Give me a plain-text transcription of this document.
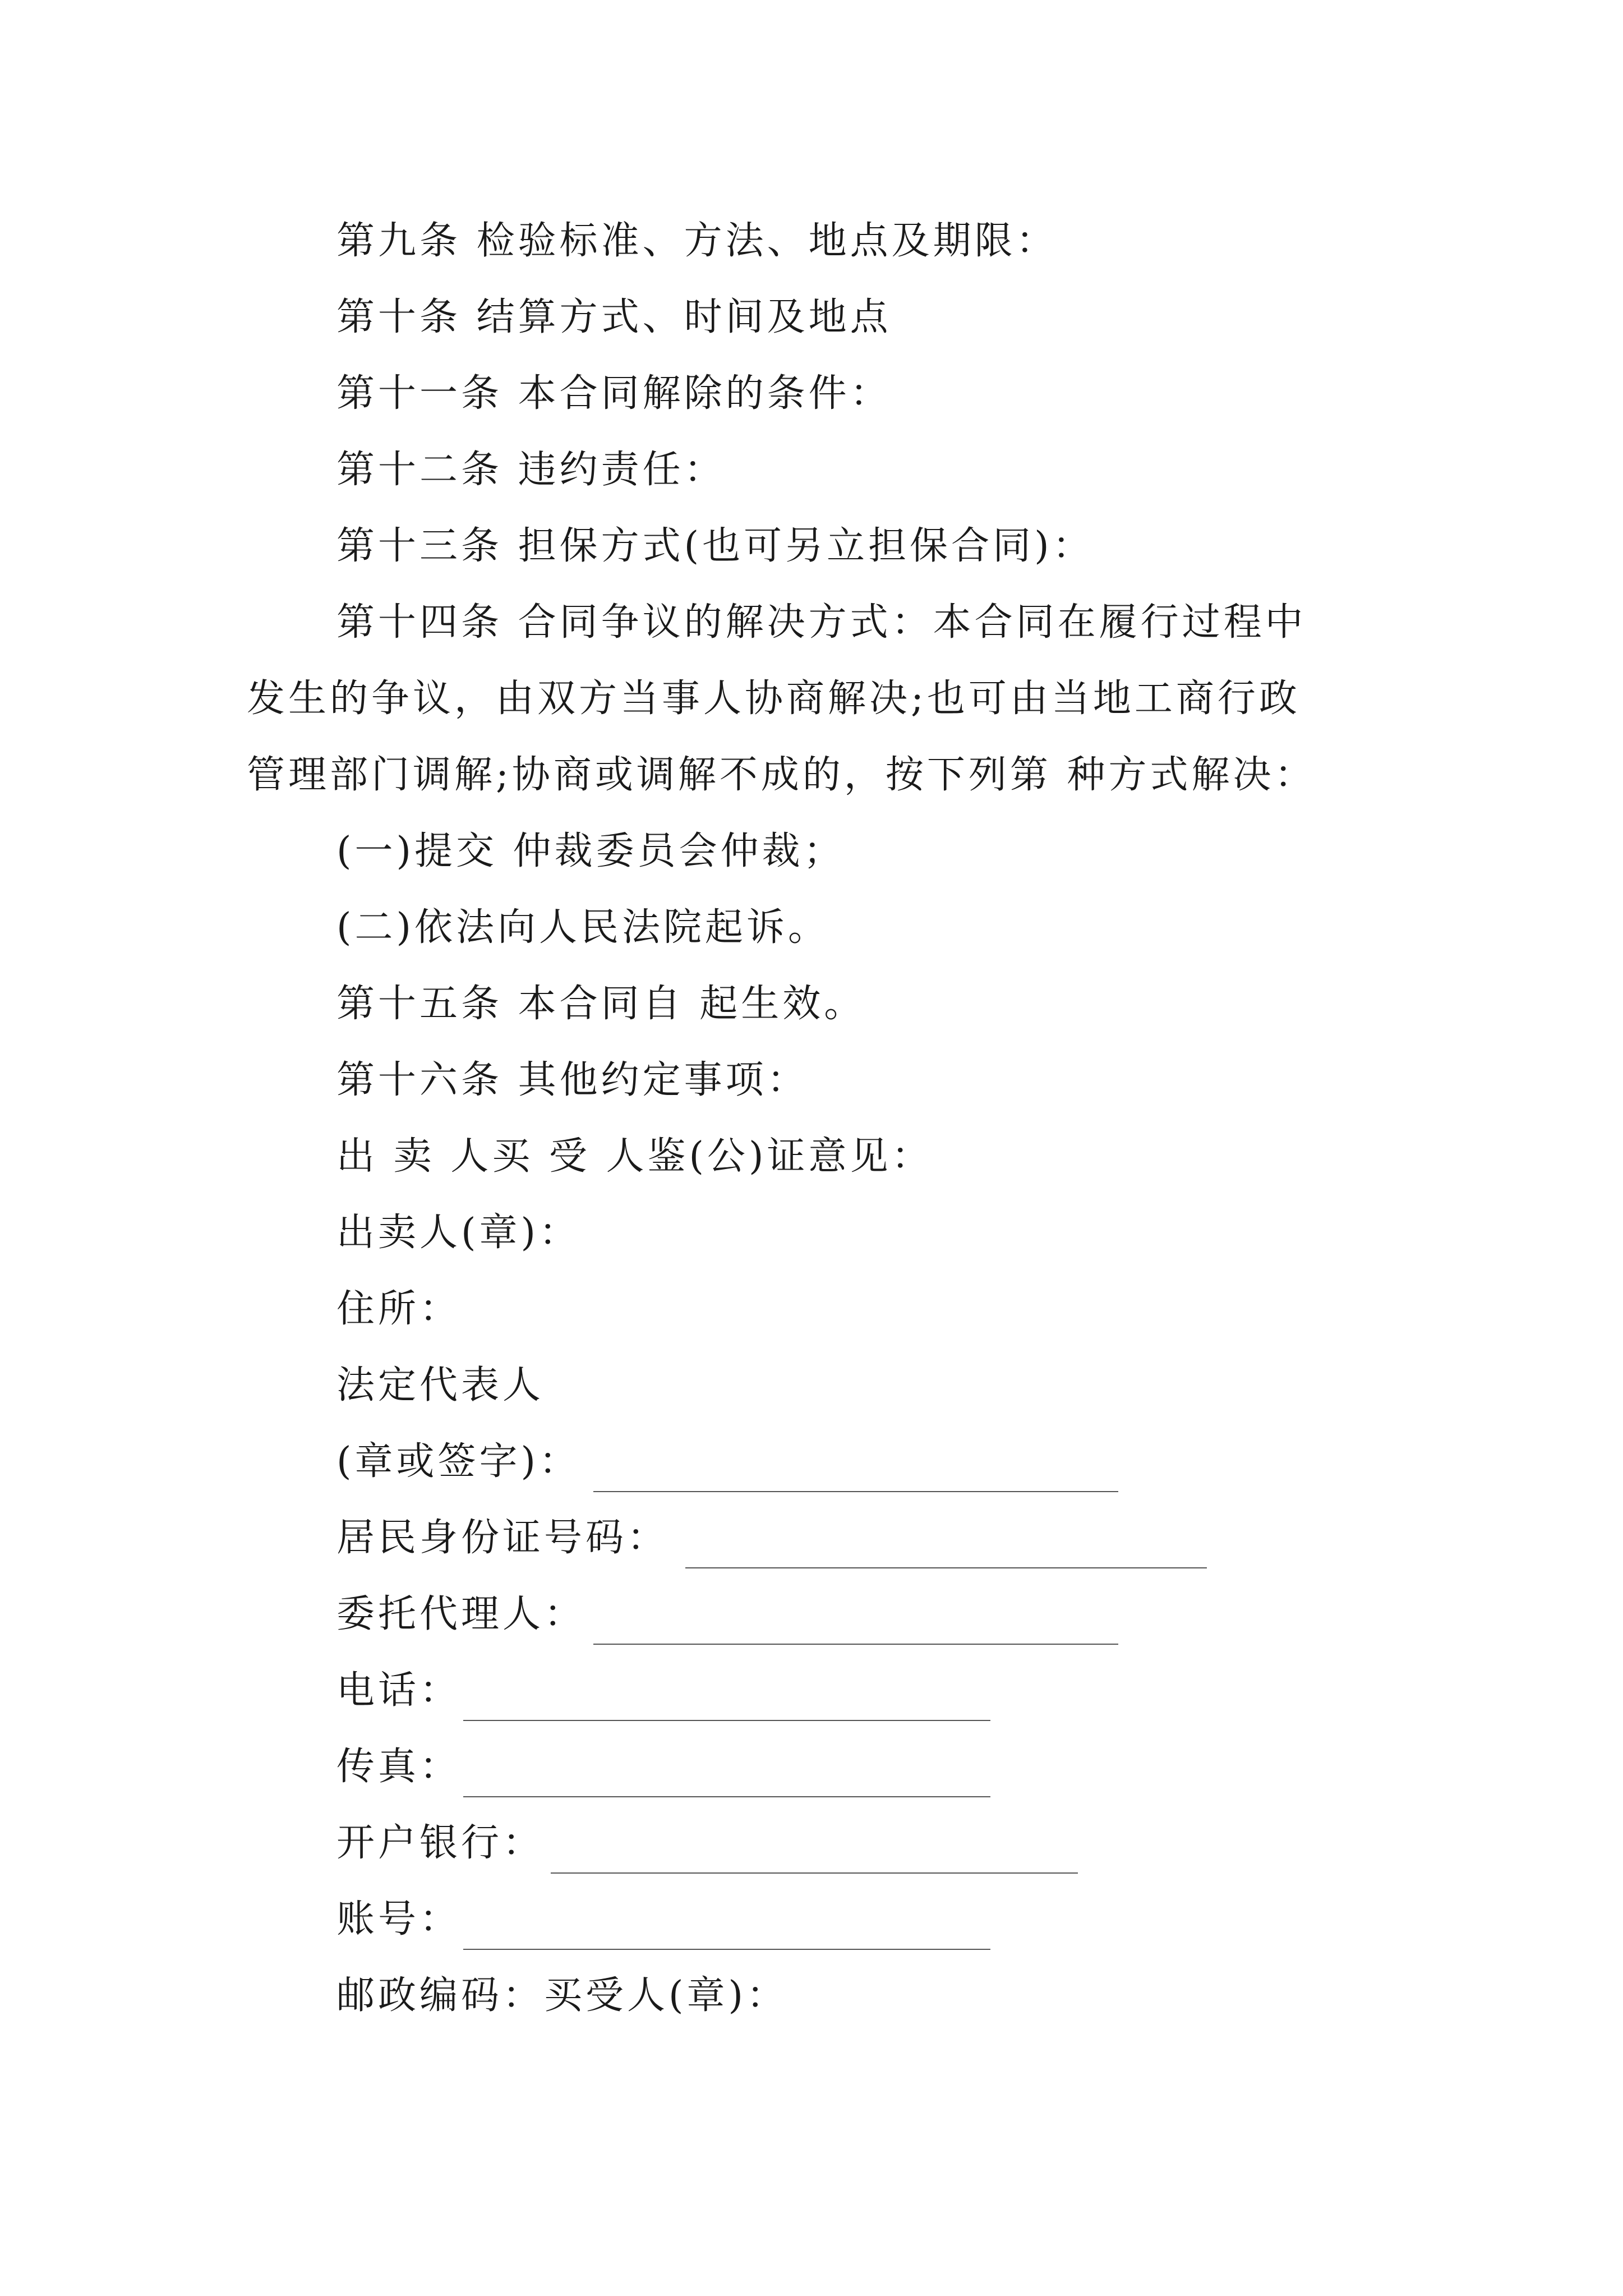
第九条 检验标准、方法、地点及期限：
第十条 结算方式、时间及地点
第十一条 本合同解除的条件：
第十二条 违约责任：
第十三条 担保方式(也可另立担保合同)：
第十四条 合同争议的解决方式：本合同在履行过程中
发生的争议，由双方当事人协商解决;也可由当地工商行政
管理部门调解;协商或调解不成的，按下列第 种方式解决：
(一)提交 仲裁委员会仲裁；
(二)依法向人民法院起诉。
第十五条 本合同自 起生效。
第十六条 其他约定事项：
出 卖 人买 受 人鉴(公)证意见：
出卖人(章)：
住所：
法定代表人
(章或签字)：
居民身份证号码：
委托代理人：
电话：
传真：
开户银行：
账号：
邮政编码：买受人(章)：
